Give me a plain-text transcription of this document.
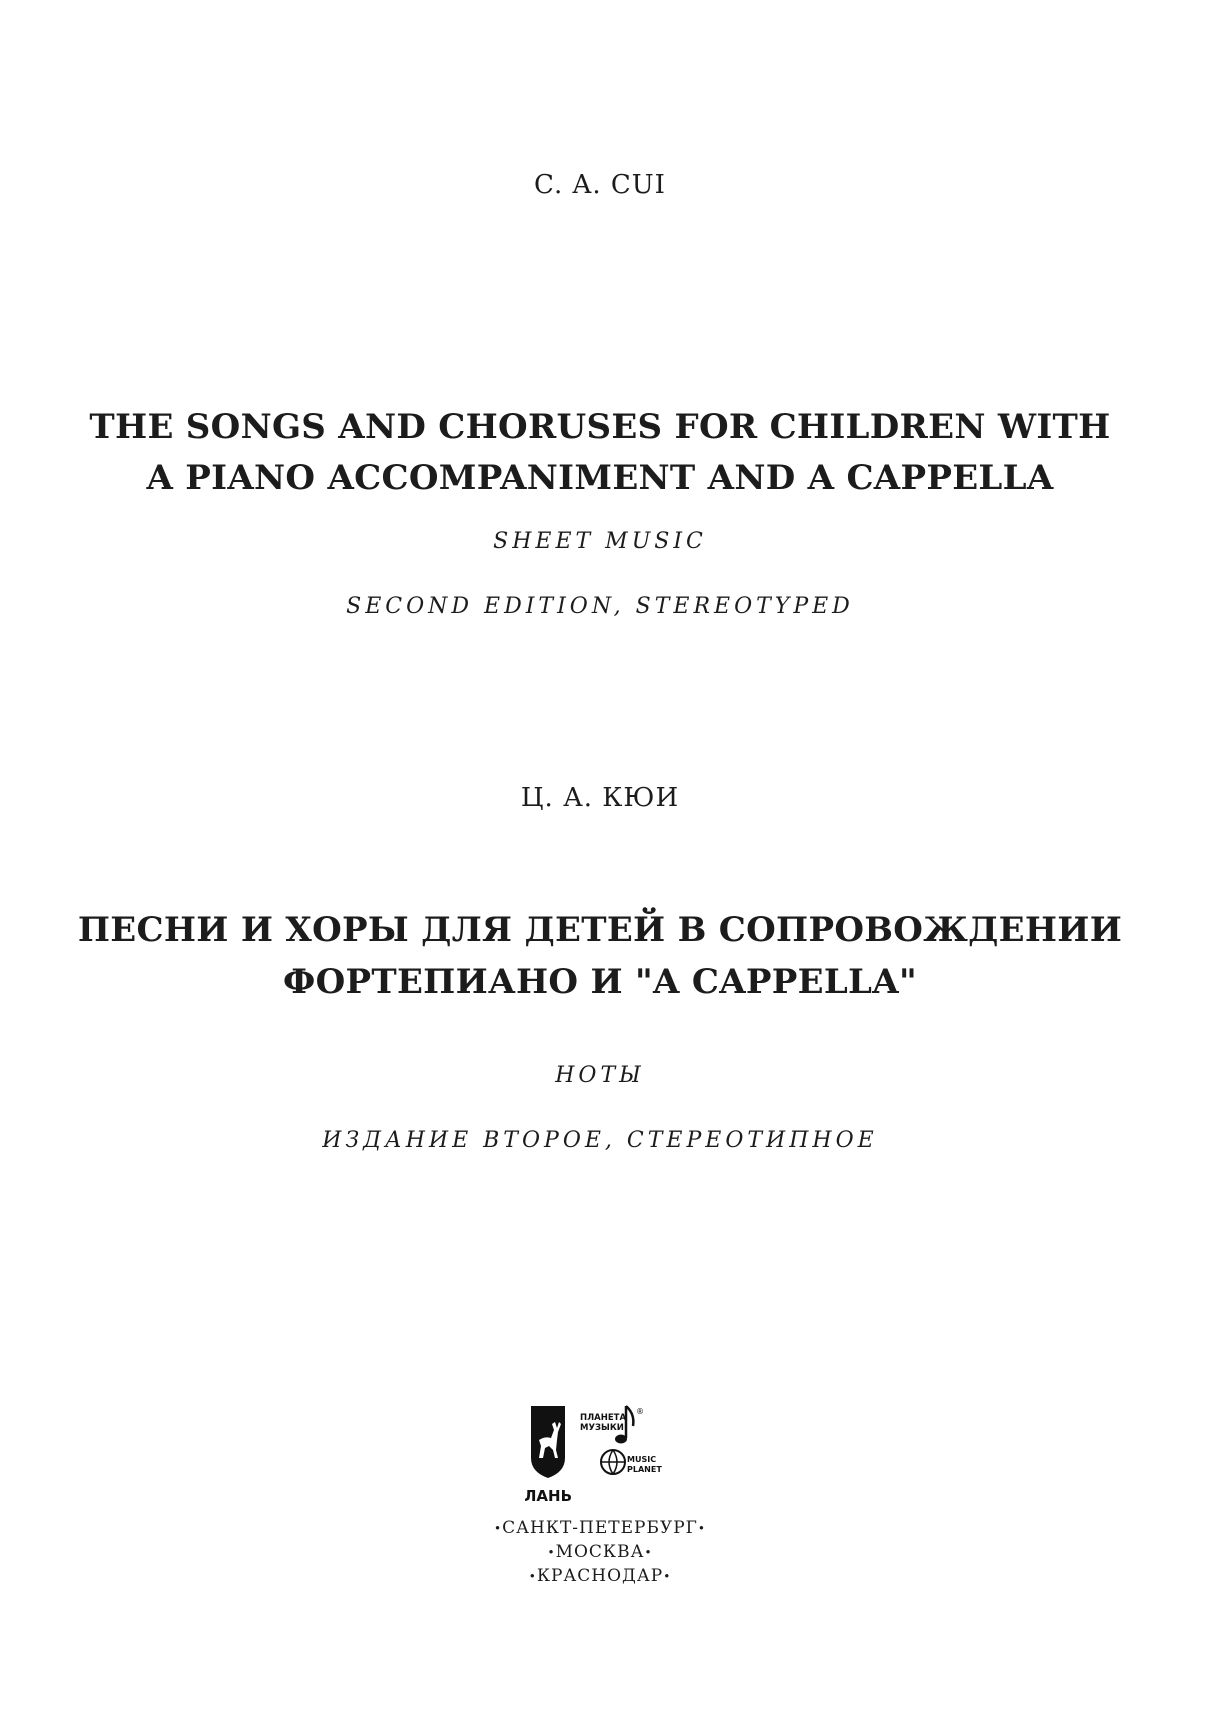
C. A. CUI
THE SONGS AND CHORUSES FOR CHILDREN WITH
A PIANO ACCOMPANIMENT AND A CAPPELLA
SHEET MUSIC
SECOND EDITION, STEREOTYPED
Ц. А. КЮИ
ПЕСНИ И ХОРЫ ДЛЯ ДЕТЕЙ В СОПРОВОЖДЕНИИ
ФОРТЕПИАНО И "A CAPPELLA"
НОТЫ
ИЗДАНИЕ ВТОРОЕ, СТЕРЕОТИПНОЕ
ЛАНЬ
ПЛАНЕТА
МУЗЫКИ
®
MUSIC
PLANET
•САНКТ-ПЕТЕРБУРГ•
•МОСКВА•
•КРАСНОДАР•
